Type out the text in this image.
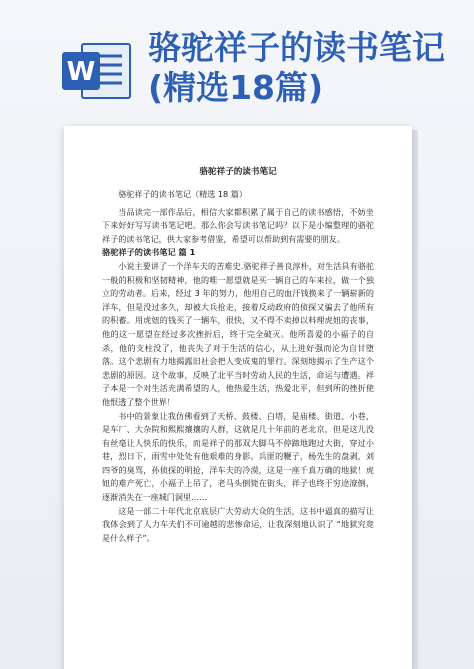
W
骆驼祥子的读书笔记(精选18篇)
骆驼祥子的读书笔记
骆驼祥子的读书笔记（精选 18 篇）
当品读完一部作品后，相信大家都积累了属于自己的读书感悟，不妨坐下来好好写写读书笔记吧。那么你会写读书笔记吗？以下是小编整理的骆驼祥子的读书笔记，供大家参考借鉴，希望可以帮助到有需要的朋友。
骆驼祥子的读书笔记 篇 1
小说主要讲了一个洋车夫的苦难史.骆驼祥子善良淳朴，对生活具有骆驼一般的积极和坚韧精神，他的唯一愿望就是买一辆自己的车来拉，做一个独立的劳动者。后来，经过 3 年的努力，他用自己的血汗钱换来了一辆崭新的洋车，但是没过多久，却被大兵抢走，接着反动政府的侦探又骗去了他所有的积蓄。用虎妞的钱买了一辆车，很快，又不得不卖掉以料理虎妞的丧事，他的这一愿望在经过多次挫折后，终于完全破灭。他所喜爱的小福子的自杀，他的支柱没了，他丧失了对于生活的信心，从上进好强而沦为自甘堕落。这个悲剧有力地揭露旧社会把人变成鬼的罪行。深刻地揭示了生产这个悲剧的原因。这个故事，反映了北平当时劳动人民的生活，命运与遭遇。祥子本是一个对生活充满希望的人，他热爱生活，热爱北平，但到所的挫折使他恨透了整个世界！
书中的景象让我仿佛看到了天桥、鼓楼、白塔，是庙楼、街道、小巷，是车厂、大杂院和熙熙攘攘的人群，这就是几十年前的老北京，但是这儿没有丝毫让人快乐的快乐，而是祥子的那双大脚马不停蹄地跑过大街，穿过小巷，烈日下，雨雪中处处有他艰难的身影。兵匪的鞭子，杨先生的盘剥，刘四爷的臭骂，孙侦探的明抢，洋车夫的冷漠，这是一座千真万确的地狱！虎妞的难产死亡，小福子上吊了，老马头倒毙在街头，祥子也终于穷途潦倒，逐渐消失在一座城门洞里……
这是一部二十年代北京底层广大劳动大众的生活，这书中逼真的描写让我体会到了人力车夫们不可逾越的悲惨命运，让我深刻地认识了 “地狱究竟是什么样子”。
